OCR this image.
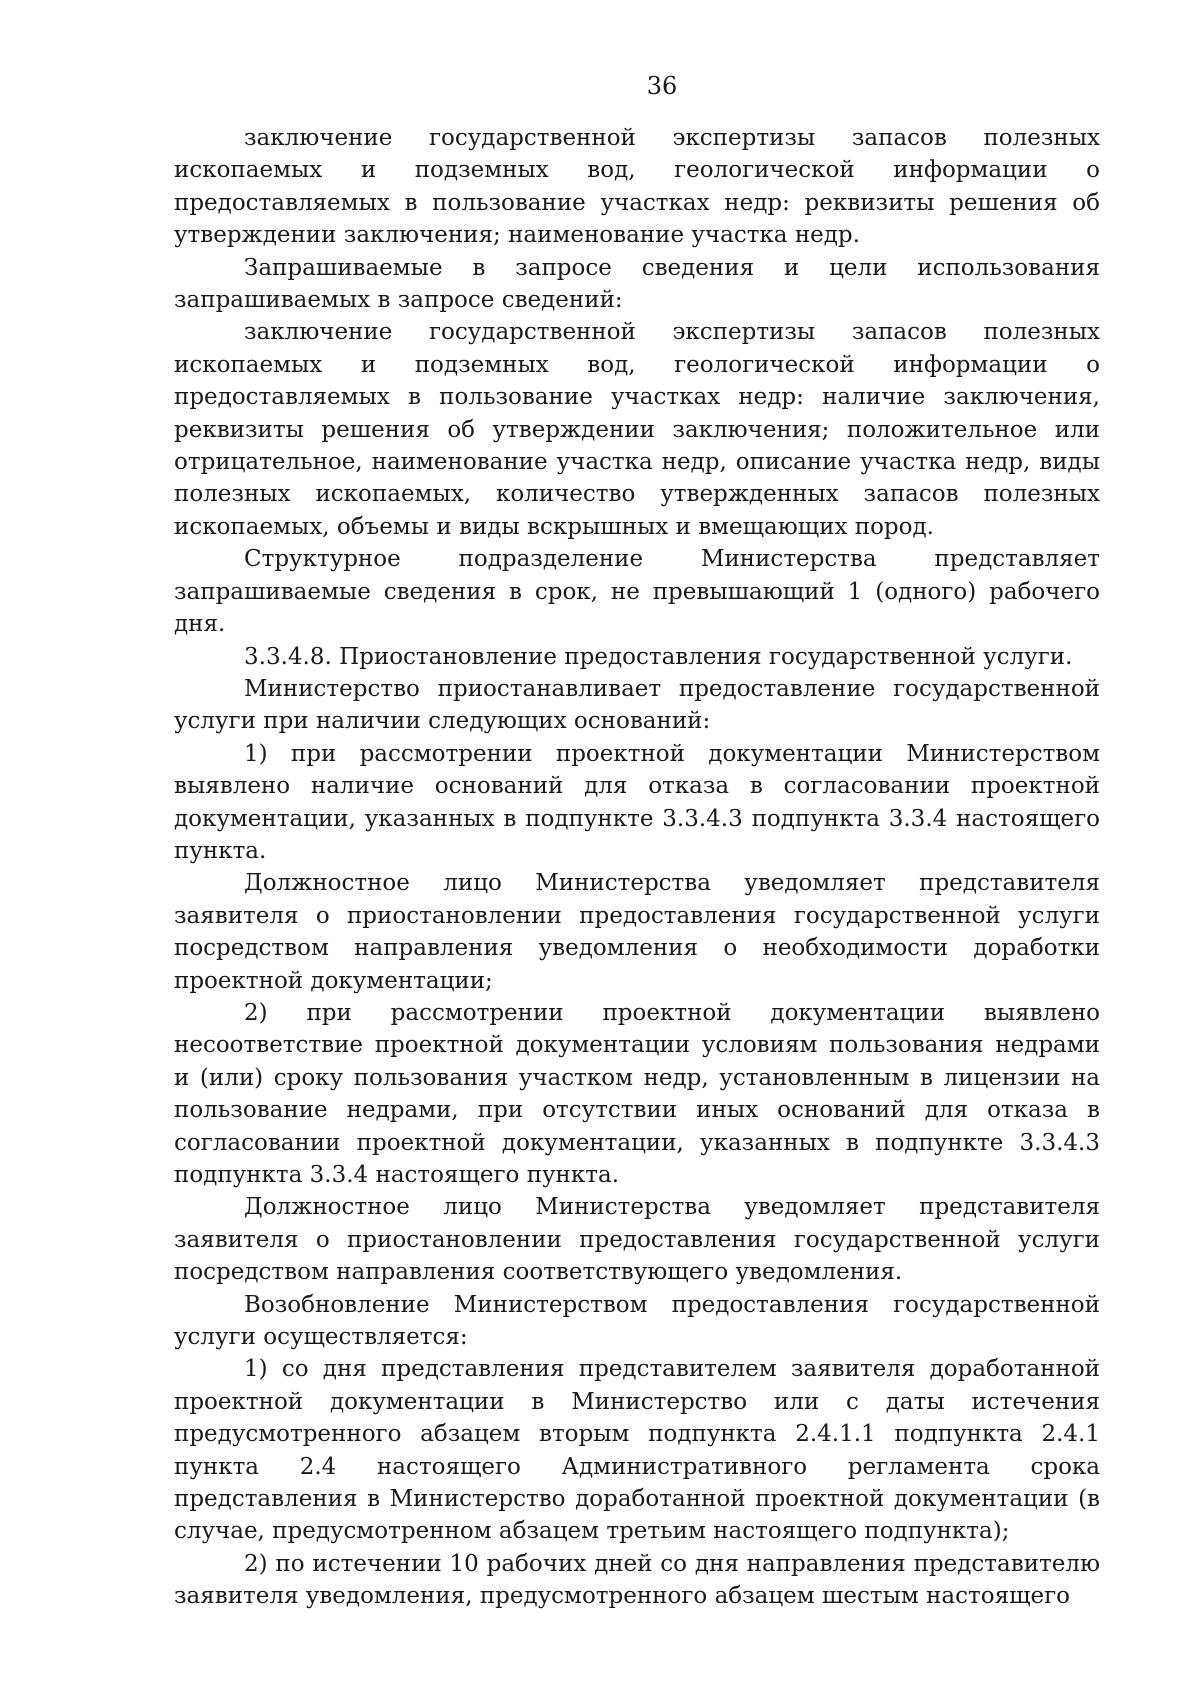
36

заключение государственной экспертизы запасов полезных ископаемых и подземных вод, геологической информации о предоставляемых в пользование участках недр: реквизиты решения об утверждении заключения; наименование участка недр.

Запрашиваемые в запросе сведения и цели использования запрашиваемых в запросе сведений:

заключение государственной экспертизы запасов полезных ископаемых и подземных вод, геологической информации о предоставляемых в пользование участках недр: наличие заключения, реквизиты решения об утверждении заключения; положительное или отрицательное, наименование участка недр, описание участка недр, виды полезных ископаемых, количество утвержденных запасов полезных ископаемых, объемы и виды вскрышных и вмещающих пород.

Структурное подразделение Министерства представляет запрашиваемые сведения в срок, не превышающий 1 (одного) рабочего дня.

3.3.4.8. Приостановление предоставления государственной услуги.

Министерство приостанавливает предоставление государственной услуги при наличии следующих оснований:

1) при рассмотрении проектной документации Министерством выявлено наличие оснований для отказа в согласовании проектной документации, указанных в подпункте 3.3.4.3 подпункта 3.3.4 настоящего пункта.

Должностное лицо Министерства уведомляет представителя заявителя о приостановлении предоставления государственной услуги посредством направления уведомления о необходимости доработки проектной документации;

2) при рассмотрении проектной документации выявлено несоответствие проектной документации условиям пользования недрами и (или) сроку пользования участком недр, установленным в лицензии на пользование недрами, при отсутствии иных оснований для отказа в согласовании проектной документации, указанных в подпункте 3.3.4.3 подпункта 3.3.4 настоящего пункта.

Должностное лицо Министерства уведомляет представителя заявителя о приостановлении предоставления государственной услуги посредством направления соответствующего уведомления.

Возобновление Министерством предоставления государственной услуги осуществляется:

1) со дня представления представителем заявителя доработанной проектной документации в Министерство или с даты истечения предусмотренного абзацем вторым подпункта 2.4.1.1 подпункта 2.4.1 пункта 2.4 настоящего Административного регламента срока представления в Министерство доработанной проектной документации (в случае, предусмотренном абзацем третьим настоящего подпункта);

2) по истечении 10 рабочих дней со дня направления представителю заявителя уведомления, предусмотренного абзацем шестым настоящего
